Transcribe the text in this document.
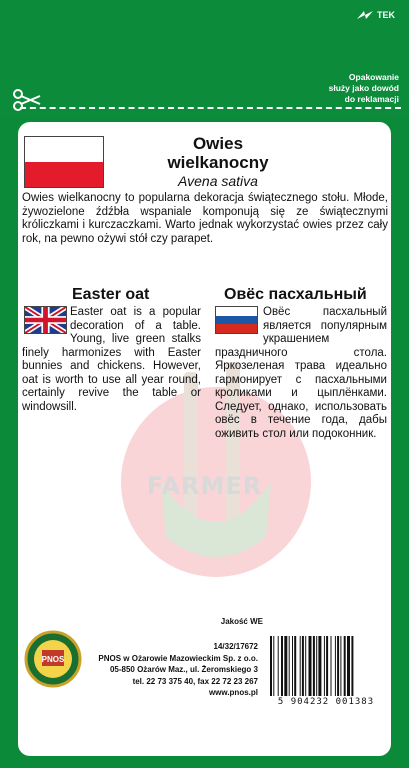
TEK
Opakowanie
służy jako dowód
do reklamacji
FARMER
Owies
wielkanocny
Avena sativa
Owies wielkanocny to popularna dekoracja świątecznego stołu. Młode, żywozielone źdźbła wspaniale komponują się ze świątecznymi króliczkami i kurczaczkami. Warto jednak wykorzystać owies przez cały rok, na pewno ożywi stół czy parapet.
Easter oat	Овёс пасхальный
Easter oat is a popular decoration of a table. Young, live green stalks finely harmonizes with Easter bunnies and chickens. However, oat is worth to use all year round, certainly revive the table or windowsill.
Овёс пасхальный является популярным украшением праздничного стола. Яркозеленая трава идеально гармонирует с пасхальными кроликами и цыплёнками. Следует, однако, использовать овёс в течение года, дабы оживить стол или подоконник.
PNOS
Jakość WE
14/32/17672
PNOS w Ożarowie Mazowieckim Sp. z o.o.
05-850 Ożarów Maz., ul. Żeromskiego 3
tel. 22 73 375 40, fax 22 72 23 267
www.pnos.pl
5 904232 001383
